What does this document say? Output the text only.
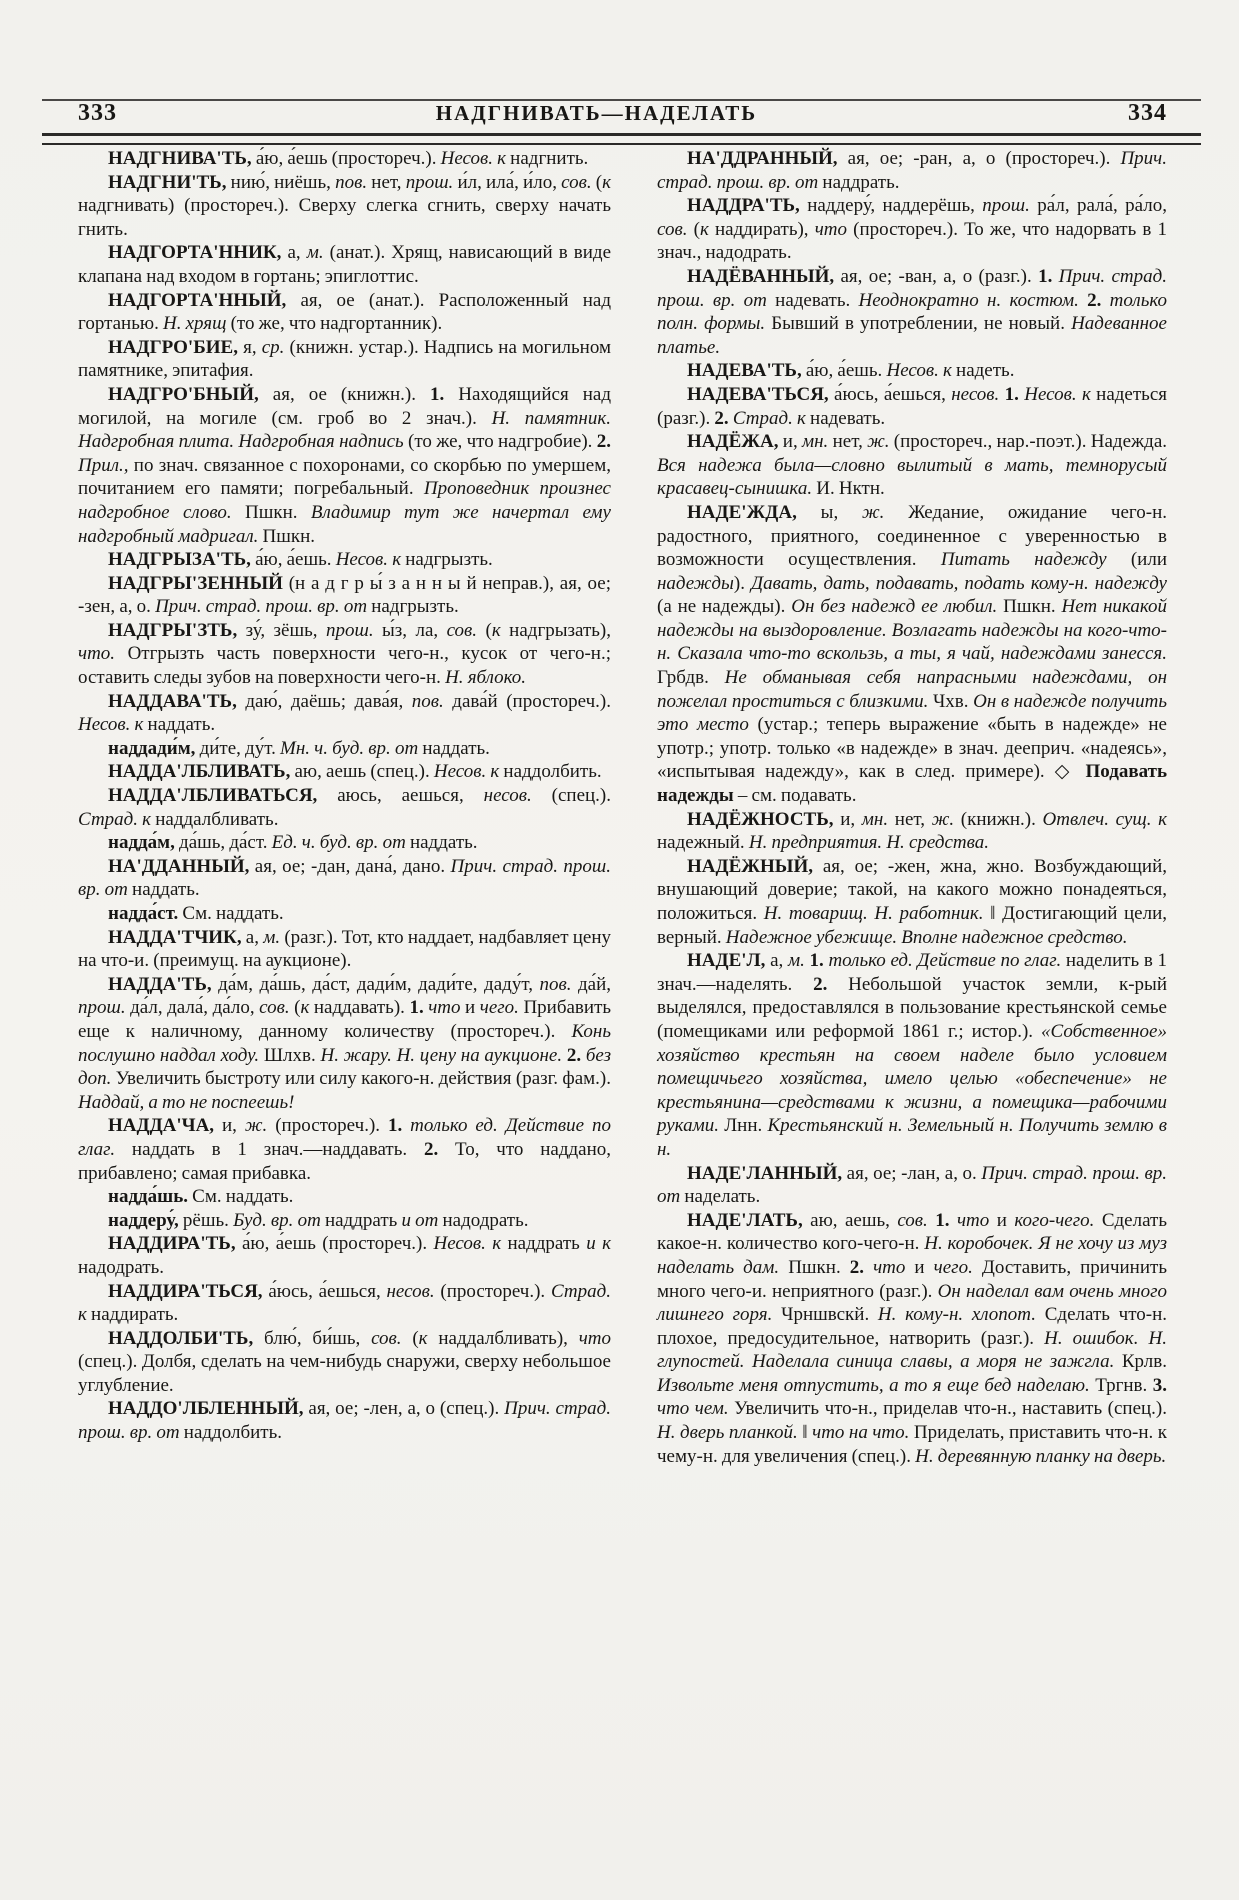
333	НАДГНИВАТЬ—НАДЕЛАТЬ	334

НАДГНИВА'ТЬ, а́ю, а́ешь (простореч.). Несов. к надгнить.

НАДГНИ'ТЬ, нию́, ниёшь, пов. нет, прош. и́л, ила́, и́ло, сов. (к надгнивать) (простореч.). Сверху слегка сгнить, сверху начать гнить.

НАДГОРТА'ННИК, а, м. (анат.). Хрящ, нависающий в виде клапана над входом в гортань; эпиглоттис.

НАДГОРТА'ННЫЙ, ая, ое (анат.). Расположенный над гортанью. Н. хрящ (то же, что надгортанник).

НАДГРО'БИЕ, я, ср. (книжн. устар.). Надпись на могильном памятнике, эпитафия.

НАДГРО'БНЫЙ, ая, ое (книжн.). 1. Находящийся над могилой, на могиле (см. гроб во 2 знач.). Н. памятник. Надгробная плита. Надгробная надпись (то же, что надгробие). 2. Прил., по знач. связанное с похоронами, со скорбью по умершем, почитанием его памяти; погребальный. Проповедник произнес надгробное слово. Пшкн. Владимир тут же начертал ему надгробный мадригал. Пшкн.

НАДГРЫЗА'ТЬ, а́ю, а́ешь. Несов. к надгрызть.

НАДГРЫ'ЗЕННЫЙ (н а д г р ы́ з а н н ы й неправ.), ая, ое; -зен, а, о. Прич. страд. прош. вр. от надгрызть.

НАДГРЫ'ЗТЬ, зу́, зёшь, прош. ы́з, ла, сов. (к надгрызать), что. Отгрызть часть поверхности чего-н., кусок от чего-н.; оставить следы зубов на поверхности чего-н. Н. яблоко.

НАДДАВА'ТЬ, даю́, даёшь; дава́я, пов. дава́й (простореч.). Несов. к наддать.

наддади́м, ди́те, ду́т. Мн. ч. буд. вр. от наддать.

НАДДА'ЛБЛИВАТЬ, аю, аешь (спец.). Несов. к наддолбить.

НАДДА'ЛБЛИВАТЬСЯ, аюсь, аешься, несов. (спец.). Страд. к наддалбливать.

надда́м, да́шь, да́ст. Ед. ч. буд. вр. от наддать.

НА'ДДАННЫЙ, ая, ое; -дан, дана́, дано. Прич. страд. прош. вр. от наддать.

надда́ст. См. наддать.

НАДДА'ТЧИК, а, м. (разг.). Тот, кто наддает, надбавляет цену на что-и. (преимущ. на аукционе).

НАДДА'ТЬ, да́м, да́шь, да́ст, дади́м, дади́те, даду́т, пов. да́й, прош. да́л, дала́, да́ло, сов. (к наддавать). 1. что и чего. Прибавить еще к наличному, данному количеству (простореч.). Конь послушно наддал ходу. Шлхв. Н. жару. Н. цену на аукционе. 2. без доп. Увеличить быстроту или силу какого-н. действия (разг. фам.). Наддай, а то не поспеешь!

НАДДА'ЧА, и, ж. (простореч.). 1. только ед. Действие по глаг. наддать в 1 знач.—наддавать. 2. То, что наддано, прибавлено; самая прибавка.

надда́шь. См. наддать.

наддеру́, рёшь. Буд. вр. от наддрать и от надодрать.

НАДДИРА'ТЬ, а́ю, а́ешь (простореч.). Несов. к наддрать и к надодрать.

НАДДИРА'ТЬСЯ, а́юсь, а́ешься, несов. (простореч.). Страд. к наддирать.

НАДДОЛБИ'ТЬ, блю́, би́шь, сов. (к наддалбливать), что (спец.). Долбя, сделать на чем-нибудь снаружи, сверху небольшое углубление.

НАДДО'ЛБЛЕННЫЙ, ая, ое; -лен, а, о (спец.). Прич. страд. прош. вр. от наддолбить.

НА'ДДРАННЫЙ, ая, ое; -ран, а, о (простореч.). Прич. страд. прош. вр. от наддрать.

НАДДРА'ТЬ, наддеру́, наддерёшь, прош. ра́л, рала́, ра́ло, сов. (к наддирать), что (простореч.). То же, что надорвать в 1 знач., надодрать.

НАДЁВАННЫЙ, ая, ое; -ван, а, о (разг.). 1. Прич. страд. прош. вр. от надевать. Неоднократно н. костюм. 2. только полн. формы. Бывший в употреблении, не новый. Надеванное платье.

НАДЕВА'ТЬ, а́ю, а́ешь. Несов. к надеть.

НАДЕВА'ТЬСЯ, а́юсь, а́ешься, несов. 1. Несов. к надеться (разг.). 2. Страд. к надевать.

НАДЁЖА, и, мн. нет, ж. (простореч., нар.-поэт.). Надежда. Вся надежа была—словно вылитый в мать, темнорусый красавец-сынишка. И. Нктн.

НАДЕ'ЖДА, ы, ж. Жедание, ожидание чего-н. радостного, приятного, соединенное с уверенностью в возможности осуществления. Питать надежду (или надежды). Давать, дать, подавать, подать кому-н. надежду (а не надежды). Он без надежд ее любил. Пшкн. Нет никакой надежды на выздоровление. Возлагать надежды на кого-что-н. Сказала что-то вскользь, а ты, я чай, надеждами занесся. Грбдв. Не обманывая себя напрасными надеждами, он пожелал проститься с близкими. Чхв. Он в надежде получить это место (устар.; теперь выражение «быть в надежде» не употр.; употр. только «в надежде» в знач. дееприч. «надеясь», «испытывая надежду», как в след. примере). ◇ Подавать надежды – см. подавать.

НАДЁЖНОСТЬ, и, мн. нет, ж. (книжн.). Отвлеч. сущ. к надежный. Н. предприятия. Н. средства.

НАДЁЖНЫЙ, ая, ое; -жен, жна, жно. Возбуждающий, внушающий доверие; такой, на какого можно понадеяться, положиться. Н. товарищ. Н. работник. ‖ Достигающий цели, верный. Надежное убежище. Вполне надежное средство.

НАДЕ'Л, а, м. 1. только ед. Действие по глаг. наделить в 1 знач.—наделять. 2. Небольшой участок земли, к-рый выделялся, предоставлялся в пользование крестьянской семье (помещиками или реформой 1861 г.; истор.). «Собственное» хозяйство крестьян на своем наделе было условием помещичьего хозяйства, имело целью «обеспечение» не крестьянина—средствами к жизни, а помещика—рабочими руками. Лнн. Крестьянский н. Земельный н. Получить землю в н.

НАДЕ'ЛАННЫЙ, ая, ое; -лан, а, о. Прич. страд. прош. вр. от наделать.

НАДЕ'ЛАТЬ, аю, аешь, сов. 1. что и кого-чего. Сделать какое-н. количество кого-чего-н. Н. коробочек. Я не хочу из муз наделать дам. Пшкн. 2. что и чего. Доставить, причинить много чего-и. неприятного (разг.). Он наделал вам очень много лишнего горя. Чрншвскй. Н. кому-н. хлопот. Сделать что-н. плохое, предосудительное, натворить (разг.). Н. ошибок. Н. глупостей. Наделала синица славы, а моря не зажгла. Крлв. Извольте меня отпустить, а то я еще бед наделаю. Тргнв. 3. что чем. Увеличить что-н., приделав что-н., наставить (спец.). Н. дверь планкой. ‖ что на что. Приделать, приставить что-н. к чему-н. для увеличения (спец.). Н. деревянную планку на дверь.
